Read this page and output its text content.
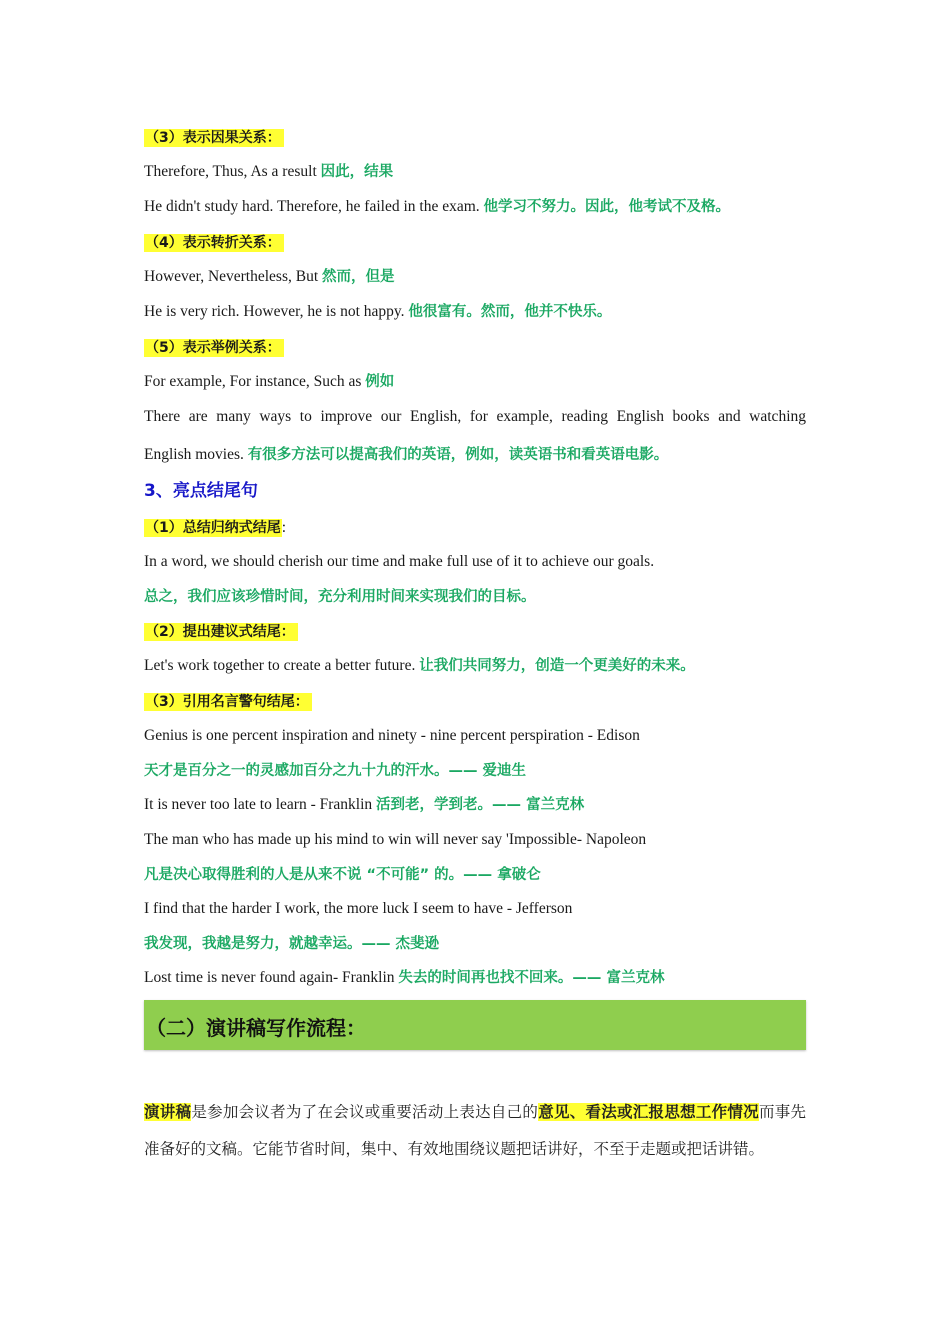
（3）表示因果关系：
Therefore, Thus, As a result 因此，结果
He didn't study hard. Therefore, he failed in the exam. 他学习不努力。因此，他考试不及格。
（4）表示转折关系：
However, Nevertheless, But 然而，但是
He is very rich. However, he is not happy. 他很富有。然而，他并不快乐。
（5）表示举例关系：
For example, For instance, Such as 例如
There are many ways to improve our English, for example, reading English books and watching
English movies. 有很多方法可以提高我们的英语，例如，读英语书和看英语电影。
3、亮点结尾句
（1）总结归纳式结尾:
In a word, we should cherish our time and make full use of it to achieve our goals.
总之，我们应该珍惜时间，充分利用时间来实现我们的目标。
（2）提出建议式结尾：
Let's work together to create a better future. 让我们共同努力，创造一个更美好的未来。
（3）引用名言警句结尾：
Genius is one percent inspiration and ninety - nine percent perspiration - Edison
天才是百分之一的灵感加百分之九十九的汗水。—— 爱迪生
It is never too late to learn - Franklin 活到老，学到老。—— 富兰克林
The man who has made up his mind to win will never say 'Impossible- Napoleon
凡是决心取得胜利的人是从来不说 “不可能” 的。—— 拿破仑
I find that the harder I work, the more luck I seem to have - Jefferson
我发现，我越是努力，就越幸运。—— 杰斐逊
Lost time is never found again- Franklin 失去的时间再也找不回来。—— 富兰克林
（二）演讲稿写作流程：
演讲稿是参加会议者为了在会议或重要活动上表达自己的意见、看法或汇报思想工作情况而事先准备好的文稿。它能节省时间，集中、有效地围绕议题把话讲好，不至于走题或把话讲错。
